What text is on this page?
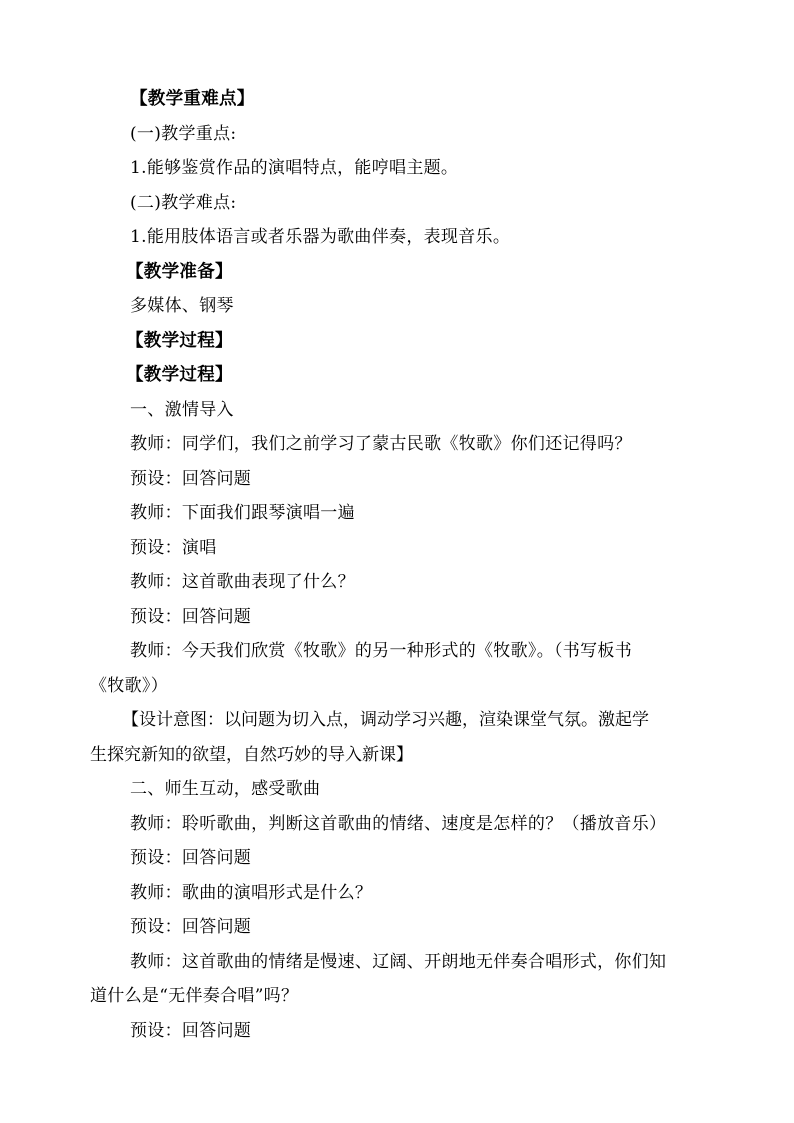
【教学重难点】
(一)教学重点:
1.能够鉴赏作品的演唱特点，能哼唱主题。
(二)教学难点:
1.能用肢体语言或者乐器为歌曲伴奏，表现音乐。
【教学准备】
多媒体、钢琴
【教学过程】
【教学过程】
一、激情导入
教师：同学们，我们之前学习了蒙古民歌《牧歌》你们还记得吗？
预设：回答问题
教师：下面我们跟琴演唱一遍
预设：演唱
教师：这首歌曲表现了什么？
预设：回答问题
教师：今天我们欣赏《牧歌》的另一种形式的《牧歌》。（书写板书
《牧歌》）
【设计意图：以问题为切入点，调动学习兴趣，渲染课堂气氛。激起学
生探究新知的欲望，自然巧妙的导入新课】
二、师生互动，感受歌曲
教师：聆听歌曲，判断这首歌曲的情绪、速度是怎样的？（播放音乐）
预设：回答问题
教师：歌曲的演唱形式是什么？
预设：回答问题
教师：这首歌曲的情绪是慢速、辽阔、开朗地无伴奏合唱形式，你们知
道什么是“无伴奏合唱”吗？
预设：回答问题
